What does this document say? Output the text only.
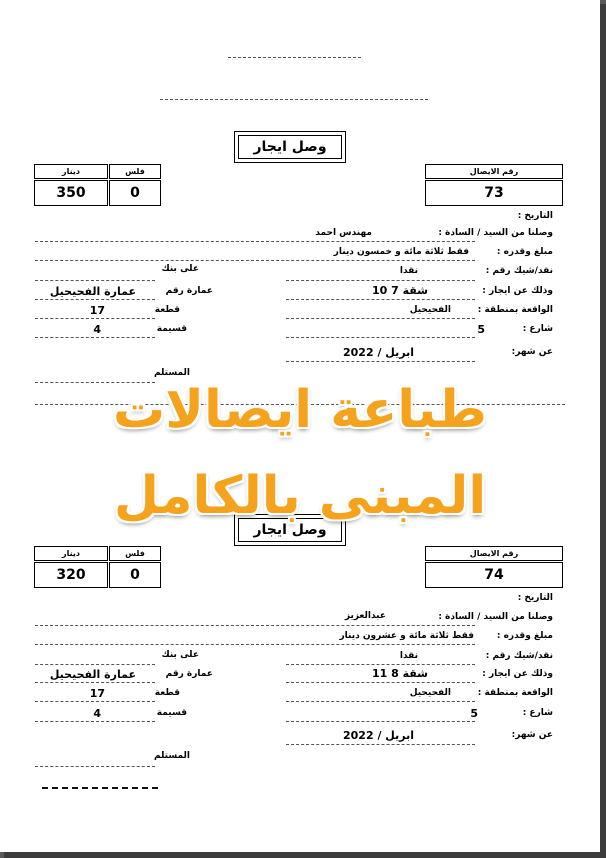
وصل ايجار
دينار	فلس
350	0
رقم الايصال
73
التاريخ :
وصلنا من السيد / السادة :
مهندس احمد
مبلغ وقدره :
فقط ثلاثة مائة و خمسون دينار
نقد/شيك رقم :
نقدا
على بنك
وذلك عن ايجار :
شقة 7 10
عمارة رقم
عمارة الفحيحيل
الواقعة بمنطقة :
الفحيحيل
قطعة
17
شارع :
5
قسيمة
4
عن شهر:
ابريل / 2022
المستلم
وصل ايجار
دينار	فلس
320	0
رقم الايصال
74
التاريخ :
وصلنا من السيد / السادة :
عبدالعزيز
مبلغ وقدره :
فقط ثلاثة مائة و عشرون دينار
نقد/شيك رقم :
نقدا
على بنك
وذلك عن ايجار :
شقة 8 11
عمارة رقم
عمارة الفحيحيل
الواقعة بمنطقة :
الفحيحيل
قطعة
17
شارع :
5
قسيمة
4
عن شهر:
ابريل / 2022
المستلم
طباعة ايصالات
المبنى بالكامل
